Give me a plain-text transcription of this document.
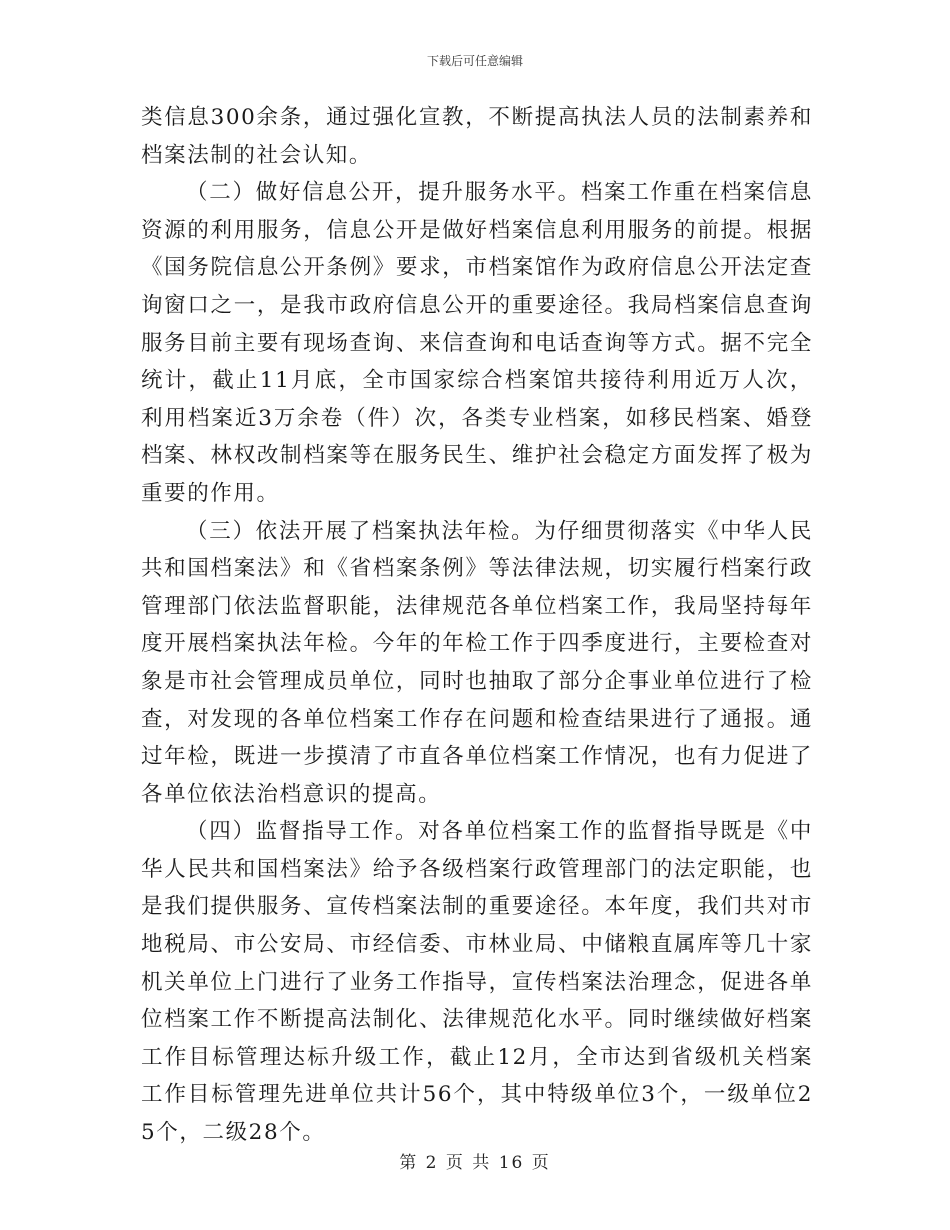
下载后可任意编辑

类信息300余条，通过强化宣教，不断提高执法人员的法制素养和档案法制的社会认知。

（二）做好信息公开，提升服务水平。档案工作重在档案信息资源的利用服务，信息公开是做好档案信息利用服务的前提。根据《国务院信息公开条例》要求，市档案馆作为政府信息公开法定查询窗口之一，是我市政府信息公开的重要途径。我局档案信息查询服务目前主要有现场查询、来信查询和电话查询等方式。据不完全统计，截止11月底，全市国家综合档案馆共接待利用近万人次，利用档案近3万余卷（件）次，各类专业档案，如移民档案、婚登档案、林权改制档案等在服务民生、维护社会稳定方面发挥了极为重要的作用。

（三）依法开展了档案执法年检。为仔细贯彻落实《中华人民共和国档案法》和《省档案条例》等法律法规，切实履行档案行政管理部门依法监督职能，法律规范各单位档案工作，我局坚持每年度开展档案执法年检。今年的年检工作于四季度进行，主要检查对象是市社会管理成员单位，同时也抽取了部分企事业单位进行了检查，对发现的各单位档案工作存在问题和检查结果进行了通报。通过年检，既进一步摸清了市直各单位档案工作情况，也有力促进了各单位依法治档意识的提高。

（四）监督指导工作。对各单位档案工作的监督指导既是《中华人民共和国档案法》给予各级档案行政管理部门的法定职能，也是我们提供服务、宣传档案法制的重要途径。本年度，我们共对市地税局、市公安局、市经信委、市林业局、中储粮直属库等几十家机关单位上门进行了业务工作指导，宣传档案法治理念，促进各单位档案工作不断提高法制化、法律规范化水平。同时继续做好档案工作目标管理达标升级工作，截止12月，全市达到省级机关档案工作目标管理先进单位共计56个，其中特级单位3个，一级单位25个，二级28个。

第 2 页 共 16 页
